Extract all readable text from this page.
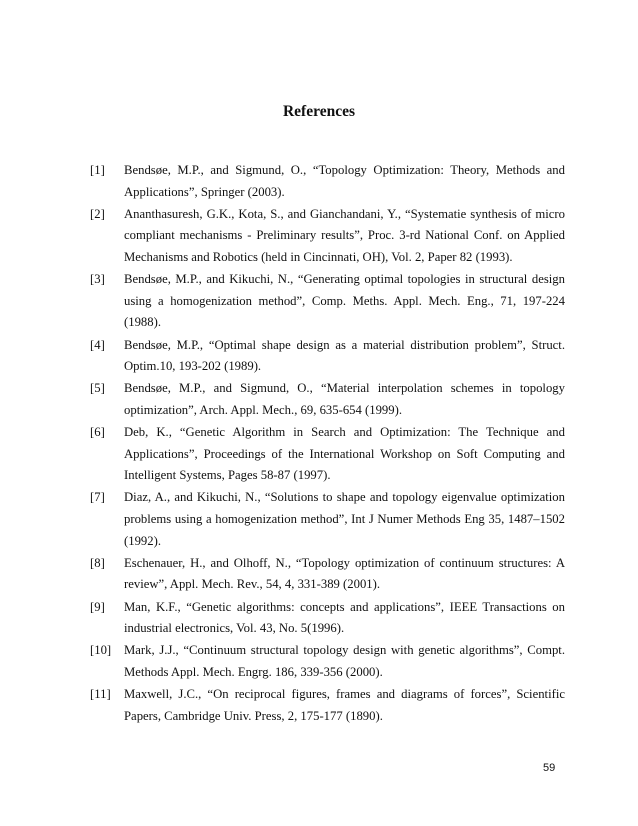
References
[1] Bendsøe, M.P., and Sigmund, O., “Topology Optimization: Theory, Methods and Applications”, Springer (2003).
[2] Ananthasuresh, G.K., Kota, S., and Gianchandani, Y., “Systematie synthesis of micro compliant mechanisms - Preliminary results”, Proc. 3-rd National Conf. on Applied Mechanisms and Robotics (held in Cincinnati, OH), Vol. 2, Paper 82 (1993).
[3] Bendsøe, M.P., and Kikuchi, N., “Generating optimal topologies in structural design using a homogenization method”, Comp. Meths. Appl. Mech. Eng., 71, 197-224 (1988).
[4] Bendsøe, M.P., “Optimal shape design as a material distribution problem”, Struct. Optim.10, 193-202 (1989).
[5] Bendsøe, M.P., and Sigmund, O., “Material interpolation schemes in topology optimization”, Arch. Appl. Mech., 69, 635-654 (1999).
[6] Deb, K., “Genetic Algorithm in Search and Optimization: The Technique and Applications”, Proceedings of the International Workshop on Soft Computing and Intelligent Systems, Pages 58-87 (1997).
[7] Diaz, A., and Kikuchi, N., “Solutions to shape and topology eigenvalue optimization problems using a homogenization method”, Int J Numer Methods Eng 35, 1487–1502 (1992).
[8] Eschenauer, H., and Olhoff, N., “Topology optimization of continuum structures: A review”, Appl. Mech. Rev., 54, 4, 331-389 (2001).
[9] Man, K.F., “Genetic algorithms: concepts and applications”, IEEE Transactions on industrial electronics, Vol. 43, No. 5(1996).
[10] Mark, J.J., “Continuum structural topology design with genetic algorithms”, Compt. Methods Appl. Mech. Engrg. 186, 339-356 (2000).
[11] Maxwell, J.C., “On reciprocal figures, frames and diagrams of forces”, Scientific Papers, Cambridge Univ. Press, 2, 175-177 (1890).
59
